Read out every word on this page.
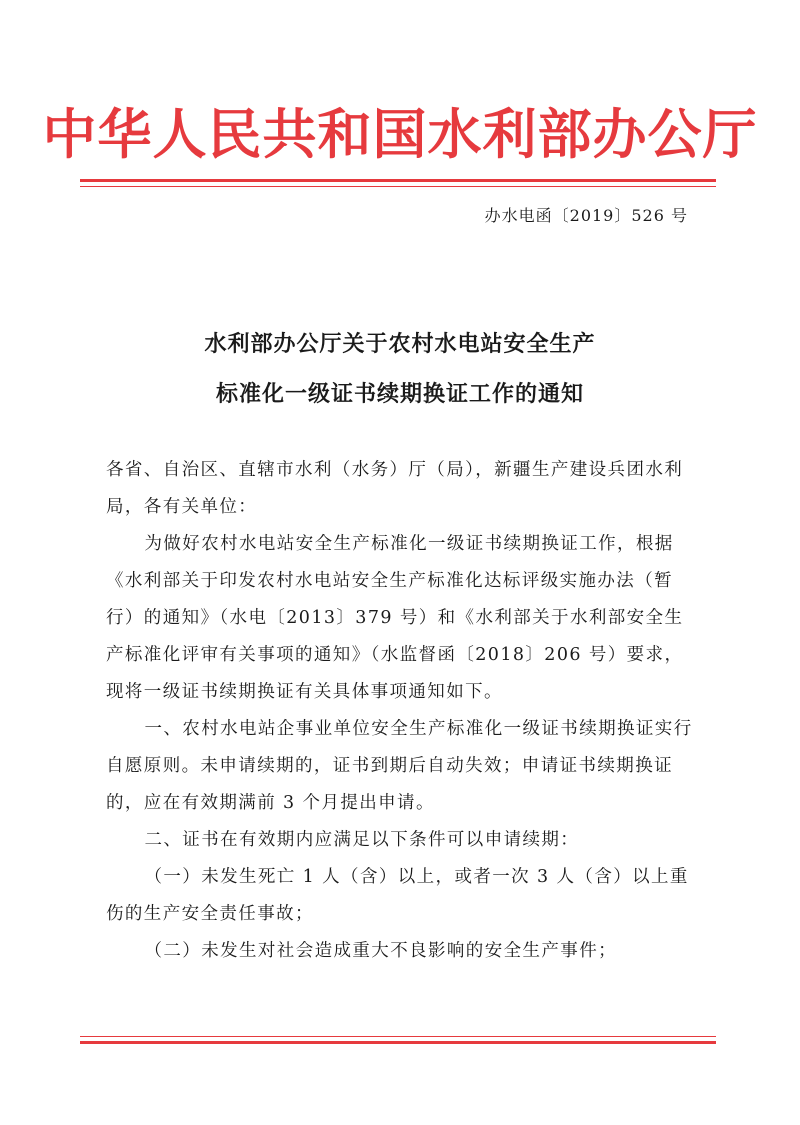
中华人民共和国水利部办公厅
办水电函〔2019〕526 号
水利部办公厅关于农村水电站安全生产
标准化一级证书续期换证工作的通知

各省、自治区、直辖市水利（水务）厅（局），新疆生产建设兵团水利局，各有关单位：

为做好农村水电站安全生产标准化一级证书续期换证工作，根据《水利部关于印发农村水电站安全生产标准化达标评级实施办法（暂行）的通知》（水电〔2013〕379 号）和《水利部关于水利部安全生产标准化评审有关事项的通知》（水监督函〔2018〕206 号）要求，现将一级证书续期换证有关具体事项通知如下。

一、农村水电站企事业单位安全生产标准化一级证书续期换证实行自愿原则。未申请续期的，证书到期后自动失效；申请证书续期换证的，应在有效期满前 3 个月提出申请。

二、证书在有效期内应满足以下条件可以申请续期：

（一）未发生死亡 1 人（含）以上，或者一次 3 人（含）以上重伤的生产安全责任事故；

（二）未发生对社会造成重大不良影响的安全生产事件；
